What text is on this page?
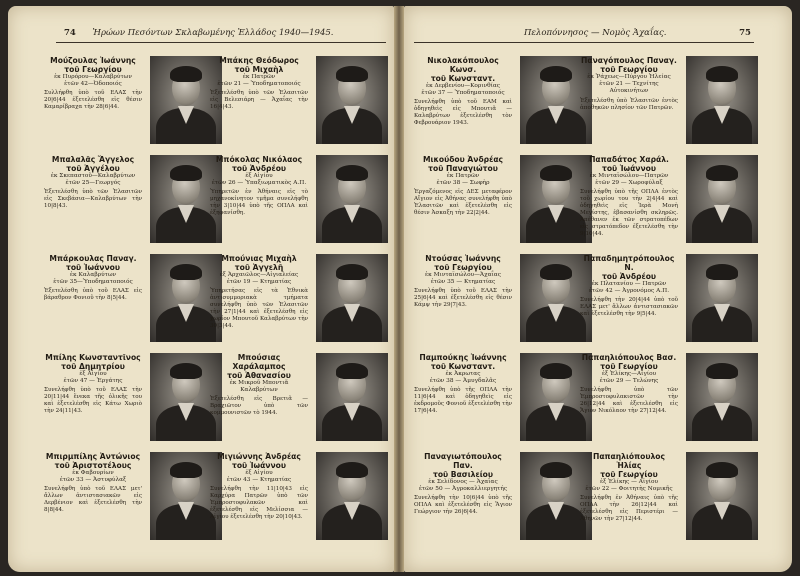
74 Ἡρώων Πεσόντων Σκλαβωμένης Ἑλλάδος 1940—1945.	Πελοπόννησος — Νομὸς Ἀχαΐας.	75
Μούζουλας Ἰωάννης
τοῦ Γεωργίου
ἐκ Πυρόρου—Καλαβρύτων
ἐτῶν 42—Ὀδοποιός
Συλλήφθη ὑπὸ τοῦ ΕΛΑΣ τὴν 20|6|44 ἐξετελέσθη εἰς θέσιν Καμαρίβραχα τὴν 28|6|44.
Νικολακόπουλος Κωνσ.
τοῦ Κωνσταντ.
ἐκ Δερβενίου—Κορινθίας
ἐτῶν 37 — Ὑποδηματοποιός
Συνελήφθη ὑπὸ τοῦ ΕΑΜ καὶ ὁδηγηθεὶς εἰς Μπουτιᾶ — Καλαβρύτων ἐξετελέσθη τὸν Φεβρουάριον 1943.
Μπάκης Θεόδωρος
τοῦ Μιχαὴλ
ἐκ Πατρῶν
ἐτῶν 21 — Ὑποδηματοποιός
Ἐξετελέσθη ὑπὸ τῶν Ἐλασιτῶν εἰς Βελεσιάρη — Ἀχαΐας τὴν 16|4|43.
Παναγόπουλος Παναγ.
τοῦ Γεωργίου
ἐκ Ῥάχεως—Πύργου Ἠλείας
ἐτῶν 21 — Τεχνίτης Αὐτοκινήτων
Ἐξετελέσθη ὑπὸ Ἐλασιτῶν ἐντὸς ἀποθηκῶν πλησίον τῶν Πατρῶν.
Μπαλαλᾶς Ἄγγελος
τοῦ Ἀγγέλου
ἐκ Σκεπαστοῦ—Καλαβρύτων
ἐτῶν 25—Γεωργός
Ἐξετελέσθη ὑπὸ τῶν Ἐλασιτῶν εἰς Σκεβάσια—Καλαβρύτων τὴν 10|8|43.
Μικούδου Ἀνδρέας
τοῦ Παναγιώτου
ἐκ Πατρῶν
ἐτῶν 38 — Σωφὴρ
Ἐργαζόμενος εἰς ΔΕΣ μεταφέρον Αἴγιον εἰς Ἀθήνας συνελήφθη ὑπὸ Ἐλασιτῶν καὶ ἐξετελέσθη εἰς θέσιν Ἀσκαξη τὴν 22|2|44.
Μπόκολας Νικόλαος
τοῦ Ἀνδρέου
ἐξ Αἰγίου
ἐτῶν 26 — Ὑπαξιωματικὸς Α.Π.
Ὑπηρετῶν ἐν Ἀθήναις εἰς τὸ μηχανοκίνητον τμῆμα συνελήφθη τὴν 3|10|44 ὑπὸ τῆς ΟΠΛΑ καὶ ἐξηφανίσθη.
Παπαδάτος Χαράλ.
τοῦ Ἰωάννου
ἐκ Μινταϊσώλου—Πατρῶν
ἐτῶν 29 — Χωροφύλαξ
Συνελήφθη ὑπὸ τῆς ΟΠΛΑ ἐντὸς τοῦ χωρίου του τὴν 2|4|44 καὶ ὁδηγηθεὶς εἰς Ἱερὰ Μονὴ Μεγίστης, ἐβασανίσθη σκληρῶς. Ἀπέθανεν ἐκ τῶν στρατοπέδων εἰς στρατόπεδον ἐξετελέσθη τὴν 9|10|44.
Μπάρκουλας Παναγ.
τοῦ Ἰωάννου
ἐκ Καλαβρύτων
ἐτῶν 35—Ὑποδηματοποιός
Ἐξετελέσθη ὑπὸ τοῦ ΕΛΑΣ εἰς βάραθρον Φονιοῦ τὴν 8|5|44.
Ντούσας Ἰωάννης
τοῦ Γεωργίου
ἐκ Μινταϊσώλου—Ἀχαΐας
ἐτῶν 35 — Κτηματίας
Συνελήφθη ὑπὸ τοῦ ΕΛΑΣ τὴν 25|6|44 καὶ ἐξετελέσθη εἰς θέσιν Κάμψ τὴν 29|7|43.
Μπούνιας Μιχαὴλ
τοῦ Ἀγγελῆ
ἐξ Ἀρχαιῶλος—Αἰγιαλείας
ἐτῶν 19 — Κτηματίας
Ὑπηρετήσας εἰς τὰ Ἐθνικὰ ἀντισυμμοριακὰ τμήματα συνελήφθη ὑπὸ τῶν Ἐλασιτῶν τὴν 27|1|44 καὶ ἐξετελέσθη εἰς χωρίον Μπουτοῦ Καλαβρύτων τὴν 30|3|44.
Παπαδημητρόπουλος Ν.
τοῦ Ἀνδρέου
ἐκ Πλατανίου — Πατρῶν
ἐτῶν 42 — Ἀγρονόμος Α.Π.
Συνελήφθη τὴν 20|4|44 ὑπὸ τοῦ ΕΛΑΣ μετ' ἄλλων ἀντιστασιακῶν καὶ ἐξετελέσθη τὴν 9|5|44.
Μπίλης Κωνσταντῖνος
τοῦ Δημητρίου
ἐξ Αἰγίου
ἐτῶν 47 — Ἐργάτης
Συνελήφθη ὑπὸ τοῦ ΕΛΑΣ τὴν 20|11|44 ἕνεκα τῆς ὁλικῆς του καὶ ἐξετελέσθη εἰς Κάτω Χωριὸ τὴν 24|11|43.
Παμπούκης Ἰωάννης
τοῦ Κωνσταντ.
ἐκ Ἀκρωτας
ἐτῶν 38 — Ἀμυγδαλᾶς
Συνελήφθη ὑπὸ τῆς ΟΠΛΑ τὴν 11|6|44 καὶ ὁδηγηθεὶς εἰς ἐκδρομοῦς Φονιοῦ ἐξετελέσθη τὴν 17|6|44.
Μπούσιας Χαράλαμπος
τοῦ Ἀθανασίου
ἐκ Μικροῦ Μποντιᾶ
Καλαβρύτων
Ἐξετελέσθη εἰς Βρετιᾶ — Βραχιῶτον ὑπὸ τῶν κομμουνιστῶν τὸ 1944.
Παπαηλιόπουλος Βασ.
τοῦ Γεωργίου
ἐξ Ἑλίκης—Αἰγίου
ἐτῶν 29 — Τελώνης
Συνελήφθη ὑπὸ τῶν Ἐμπροστοφυλακιστῶν τὴν 26|12|44 καὶ ἐξετελέσθη εἰς Ἄγιον Νικόλαον τὴν 27|12|44.
Μπιρμπίλης Ἀντώνιος
τοῦ Ἀριστοτέλους
ἐκ Φαβουρίων
ἐτῶν 33 — Ἀστυφύλαξ
Συνελήφθη ὑπὸ τοῦ ΕΛΑΣ μετ' ἄλλων ἀντιστασιακῶν εἰς Δερβένιον καὶ ἐξετελέσθη τὴν 8|8|44.
Παναγιωτόπουλος Παν.
τοῦ Βασιλείου
ἐκ Σελίδονος — Ἀχαΐας
ἐτῶν 50 — Ἀγροκαλλιεργητής
Συνελήφθη τὴν 10|6|44 ὑπὸ τῆς ΟΠΛΑ καὶ ἐξετελέσθη εἰς Ἅγιον Γεώργιον τὴν 26|6|44.
Μιγιώννης Ἀνδρέας
τοῦ Ἰωάννου
ἐξ Αἰγίου
ἐτῶν 43 — Κτηματίας
Συνελήφθη τὴν 11|10|43 εἰς Καρχύρα Πατρῶν ὑπὸ τῶν Ἐμπροστοφυλακῶν καὶ ἐξετελέσθη εἰς Μελίσσια — Αἰγίου ἐξετελέσθη τὴν 20|10|43.
Παπαηλιόπουλος Ἠλίας
τοῦ Γεωργίου
ἐξ Ἑλίκης — Αἰγίου
ἐτῶν 22 — Φοιτητὴς Νομικῆς
Συνελήφθη ἐν Ἀθήναις ὑπὸ τῆς ΟΠΛΑ τὴν 26|12|44 καὶ ἐξετελέσθη εἰς Περιστέρι — Ἀθηνῶν τὴν 27|12|44.
